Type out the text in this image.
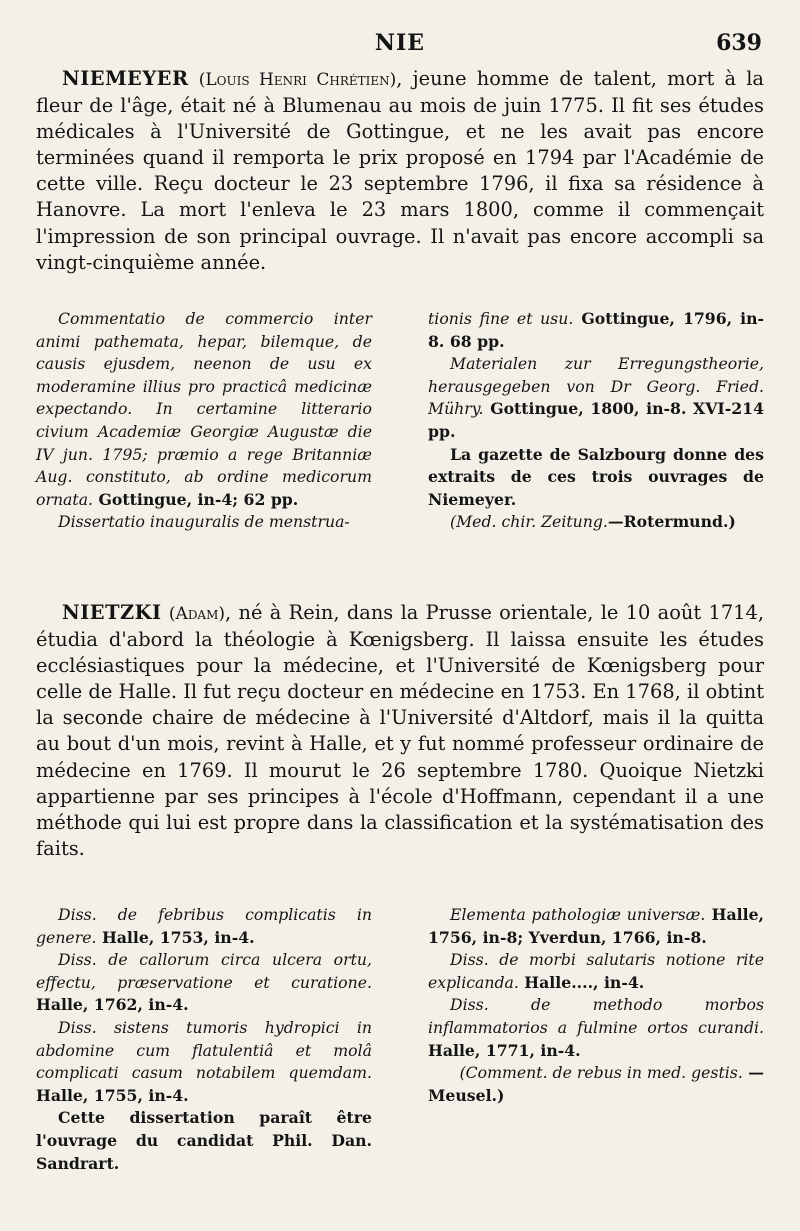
NIE	639
NIEMEYER (Louis Henri Chrétien), jeune homme de talent, mort à la fleur de l'âge, était né à Blumenau au mois de juin 1775. Il fit ses études médicales à l'Université de Gottingue, et ne les avait pas encore terminées quand il remporta le prix proposé en 1794 par l'Académie de cette ville. Reçu docteur le 23 septembre 1796, il fixa sa résidence à Hanovre. La mort l'enleva le 23 mars 1800, comme il commençait l'impression de son principal ouvrage. Il n'avait pas encore accompli sa vingt-cinquième année.

Commentatio de commercio inter animi pathemata, hepar, bilemque, de causis ejusdem, neenon de usu ex moderamine illius pro practicâ medicinæ expectando. In certamine litterario civium Academiæ Georgiæ Augustæ die IV jun. 1795; præmio a rege Britanniæ Aug. constituto, ab ordine medicorum ornata. Gottingue, in-4; 62 pp.

Dissertatio inauguralis de menstrua-

tionis fine et usu. Gottingue, 1796, in-8. 68 pp.

Materialen zur Erregungstheorie, herausgegeben von Dr Georg. Fried. Mühry. Gottingue, 1800, in-8. XVI-214 pp.

La gazette de Salzbourg donne des extraits de ces trois ouvrages de Niemeyer.

(Med. chir. Zeitung.—Rotermund.)

NIETZKI (Adam), né à Rein, dans la Prusse orientale, le 10 août 1714, étudia d'abord la théologie à Kœnigsberg. Il laissa ensuite les études ecclésiastiques pour la médecine, et l'Université de Kœnigsberg pour celle de Halle. Il fut reçu docteur en médecine en 1753. En 1768, il obtint la seconde chaire de médecine à l'Université d'Altdorf, mais il la quitta au bout d'un mois, revint à Halle, et y fut nommé professeur ordinaire de médecine en 1769. Il mourut le 26 septembre 1780. Quoique Nietzki appartienne par ses principes à l'école d'Hoffmann, cependant il a une méthode qui lui est propre dans la classification et la systématisation des faits.

Diss. de febribus complicatis in genere. Halle, 1753, in-4.

Diss. de callorum circa ulcera ortu, effectu, præservatione et curatione. Halle, 1762, in-4.

Diss. sistens tumoris hydropici in abdomine cum flatulentiâ et molâ complicati casum notabilem quemdam. Halle, 1755, in-4.

Cette dissertation paraît être l'ouvrage du candidat Phil. Dan. Sandrart.

Elementa pathologiæ universæ. Halle, 1756, in-8; Yverdun, 1766, in-8.

Diss. de morbi salutaris notione rite explicanda. Halle...., in-4.

Diss. de methodo morbos inflammatorios a fulmine ortos curandi. Halle, 1771, in-4.

(Comment. de rebus in med. gestis. — Meusel.)
